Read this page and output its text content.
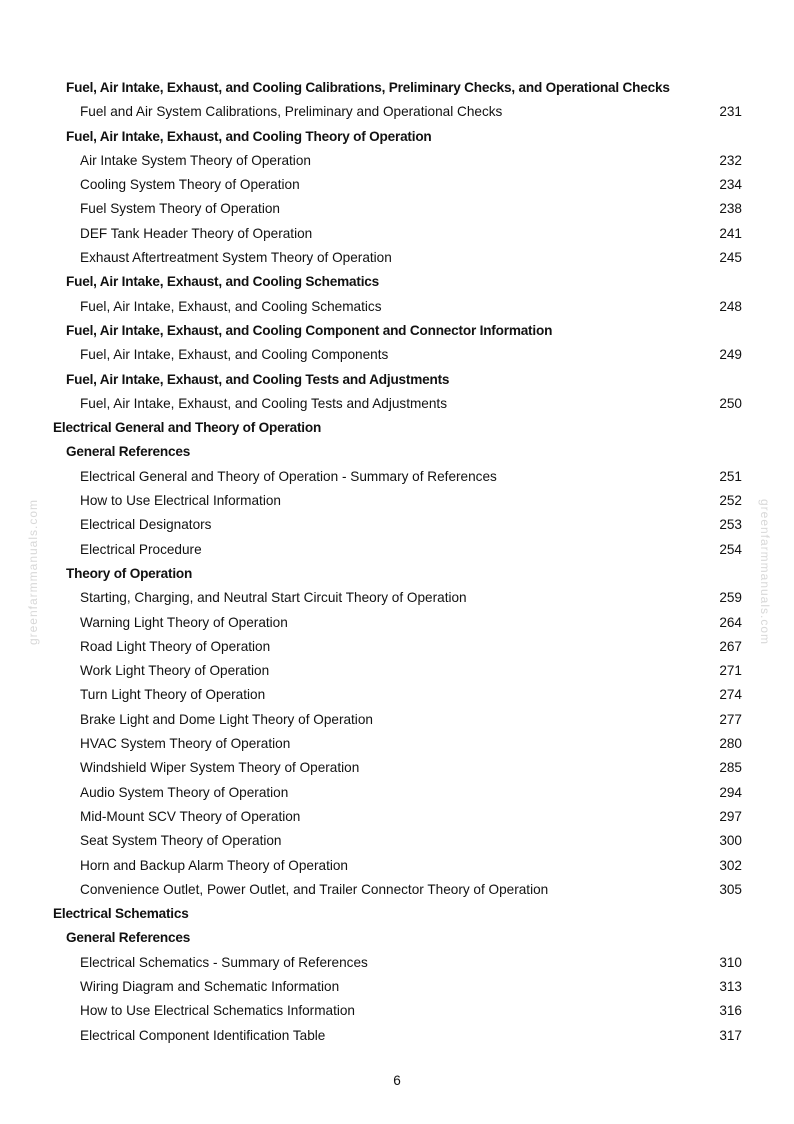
Fuel, Air Intake, Exhaust, and Cooling Calibrations, Preliminary Checks, and Operational Checks
Fuel and Air System Calibrations, Preliminary and Operational Checks	231
Fuel, Air Intake, Exhaust, and Cooling Theory of Operation
Air Intake System Theory of Operation	232
Cooling System Theory of Operation	234
Fuel System Theory of Operation	238
DEF Tank Header Theory of Operation	241
Exhaust Aftertreatment System Theory of Operation	245
Fuel, Air Intake, Exhaust, and Cooling Schematics
Fuel, Air Intake, Exhaust, and Cooling Schematics	248
Fuel, Air Intake, Exhaust, and Cooling Component and Connector Information
Fuel, Air Intake, Exhaust, and Cooling Components	249
Fuel, Air Intake, Exhaust, and Cooling Tests and Adjustments
Fuel, Air Intake, Exhaust, and Cooling Tests and Adjustments	250
Electrical General and Theory of Operation
General References
Electrical General and Theory of Operation - Summary of References	251
How to Use Electrical Information	252
Electrical Designators	253
Electrical Procedure	254
Theory of Operation
Starting, Charging, and Neutral Start Circuit Theory of Operation	259
Warning Light Theory of Operation	264
Road Light Theory of Operation	267
Work Light Theory of Operation	271
Turn Light Theory of Operation	274
Brake Light and Dome Light Theory of Operation	277
HVAC System Theory of Operation	280
Windshield Wiper System Theory of Operation	285
Audio System Theory of Operation	294
Mid-Mount SCV Theory of Operation	297
Seat System Theory of Operation	300
Horn and Backup Alarm Theory of Operation	302
Convenience Outlet, Power Outlet, and Trailer Connector Theory of Operation	305
Electrical Schematics
General References
Electrical Schematics - Summary of References	310
Wiring Diagram and Schematic Information	313
How to Use Electrical Schematics Information	316
Electrical Component Identification Table	317
greenfarmmanuals.com	greenfarmmanuals.com
6
